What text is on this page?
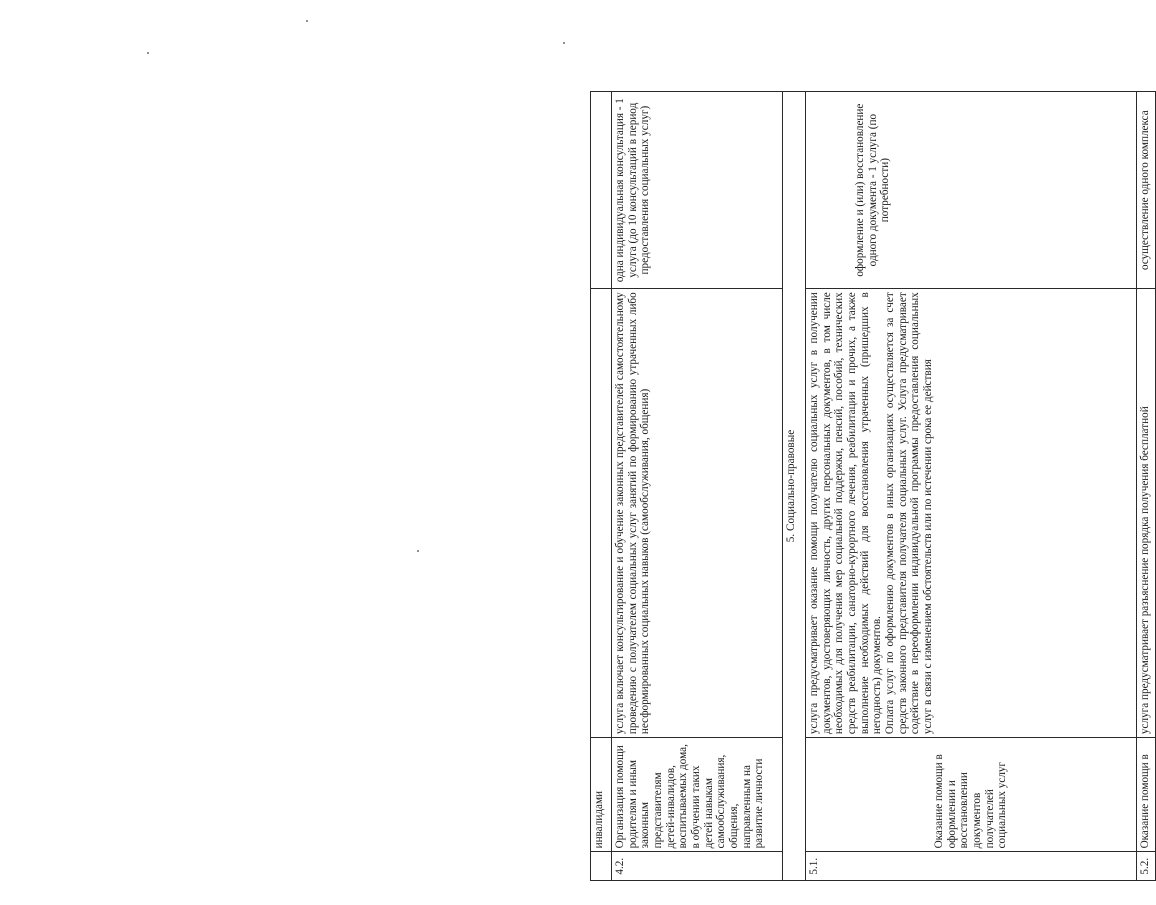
	инвалидами		
4.2.	Организация помощи родителям и иным законным представителям детей-инвалидов, воспитываемых дома, в обучении таких детей навыкам самообслуживания, общения, направленным на развитие личности	услуга включает консультирование и обучение законных представителей самостоятельному проведению с получателем социальных услуг занятий по формированию утраченных либо несформированных социальных навыков (самообслуживания, общения)	одна индивидуальная консультация - 1 услуга (до 10 консультаций в период предоставления социальных услуг)
5. Социально-правовые			
5.1.	Оказание помощи в оформлении и восстановлении документов получателей социальных услуг	услуга предусматривает оказание помощи получателю социальных услуг в получении документов, удостоверяющих личность, других персональных документов, в том числе необходимых для получения мер социальной поддержки, пенсий, пособий, технических средств реабилитации, санаторно-курортного лечения, реабилитации и прочих, а также выполнение необходимых действий для восстановления утраченных (пришедших в негодность) документов. Оплата услуг по оформлению документов в иных организациях осуществляется за счет средств законного представителя получателя социальных услуг. Услуга предусматривает содействие в переоформлении индивидуальной программы предоставления социальных услуг в связи с изменением обстоятельств или по истечении срока ее действия	оформление и (или) восстановление одного документа - 1 услуга (по потребности)
5.2.	Оказание помощи в	услуга предусматривает разъяснение порядка получения бесплатной	осуществление одного комплекса
